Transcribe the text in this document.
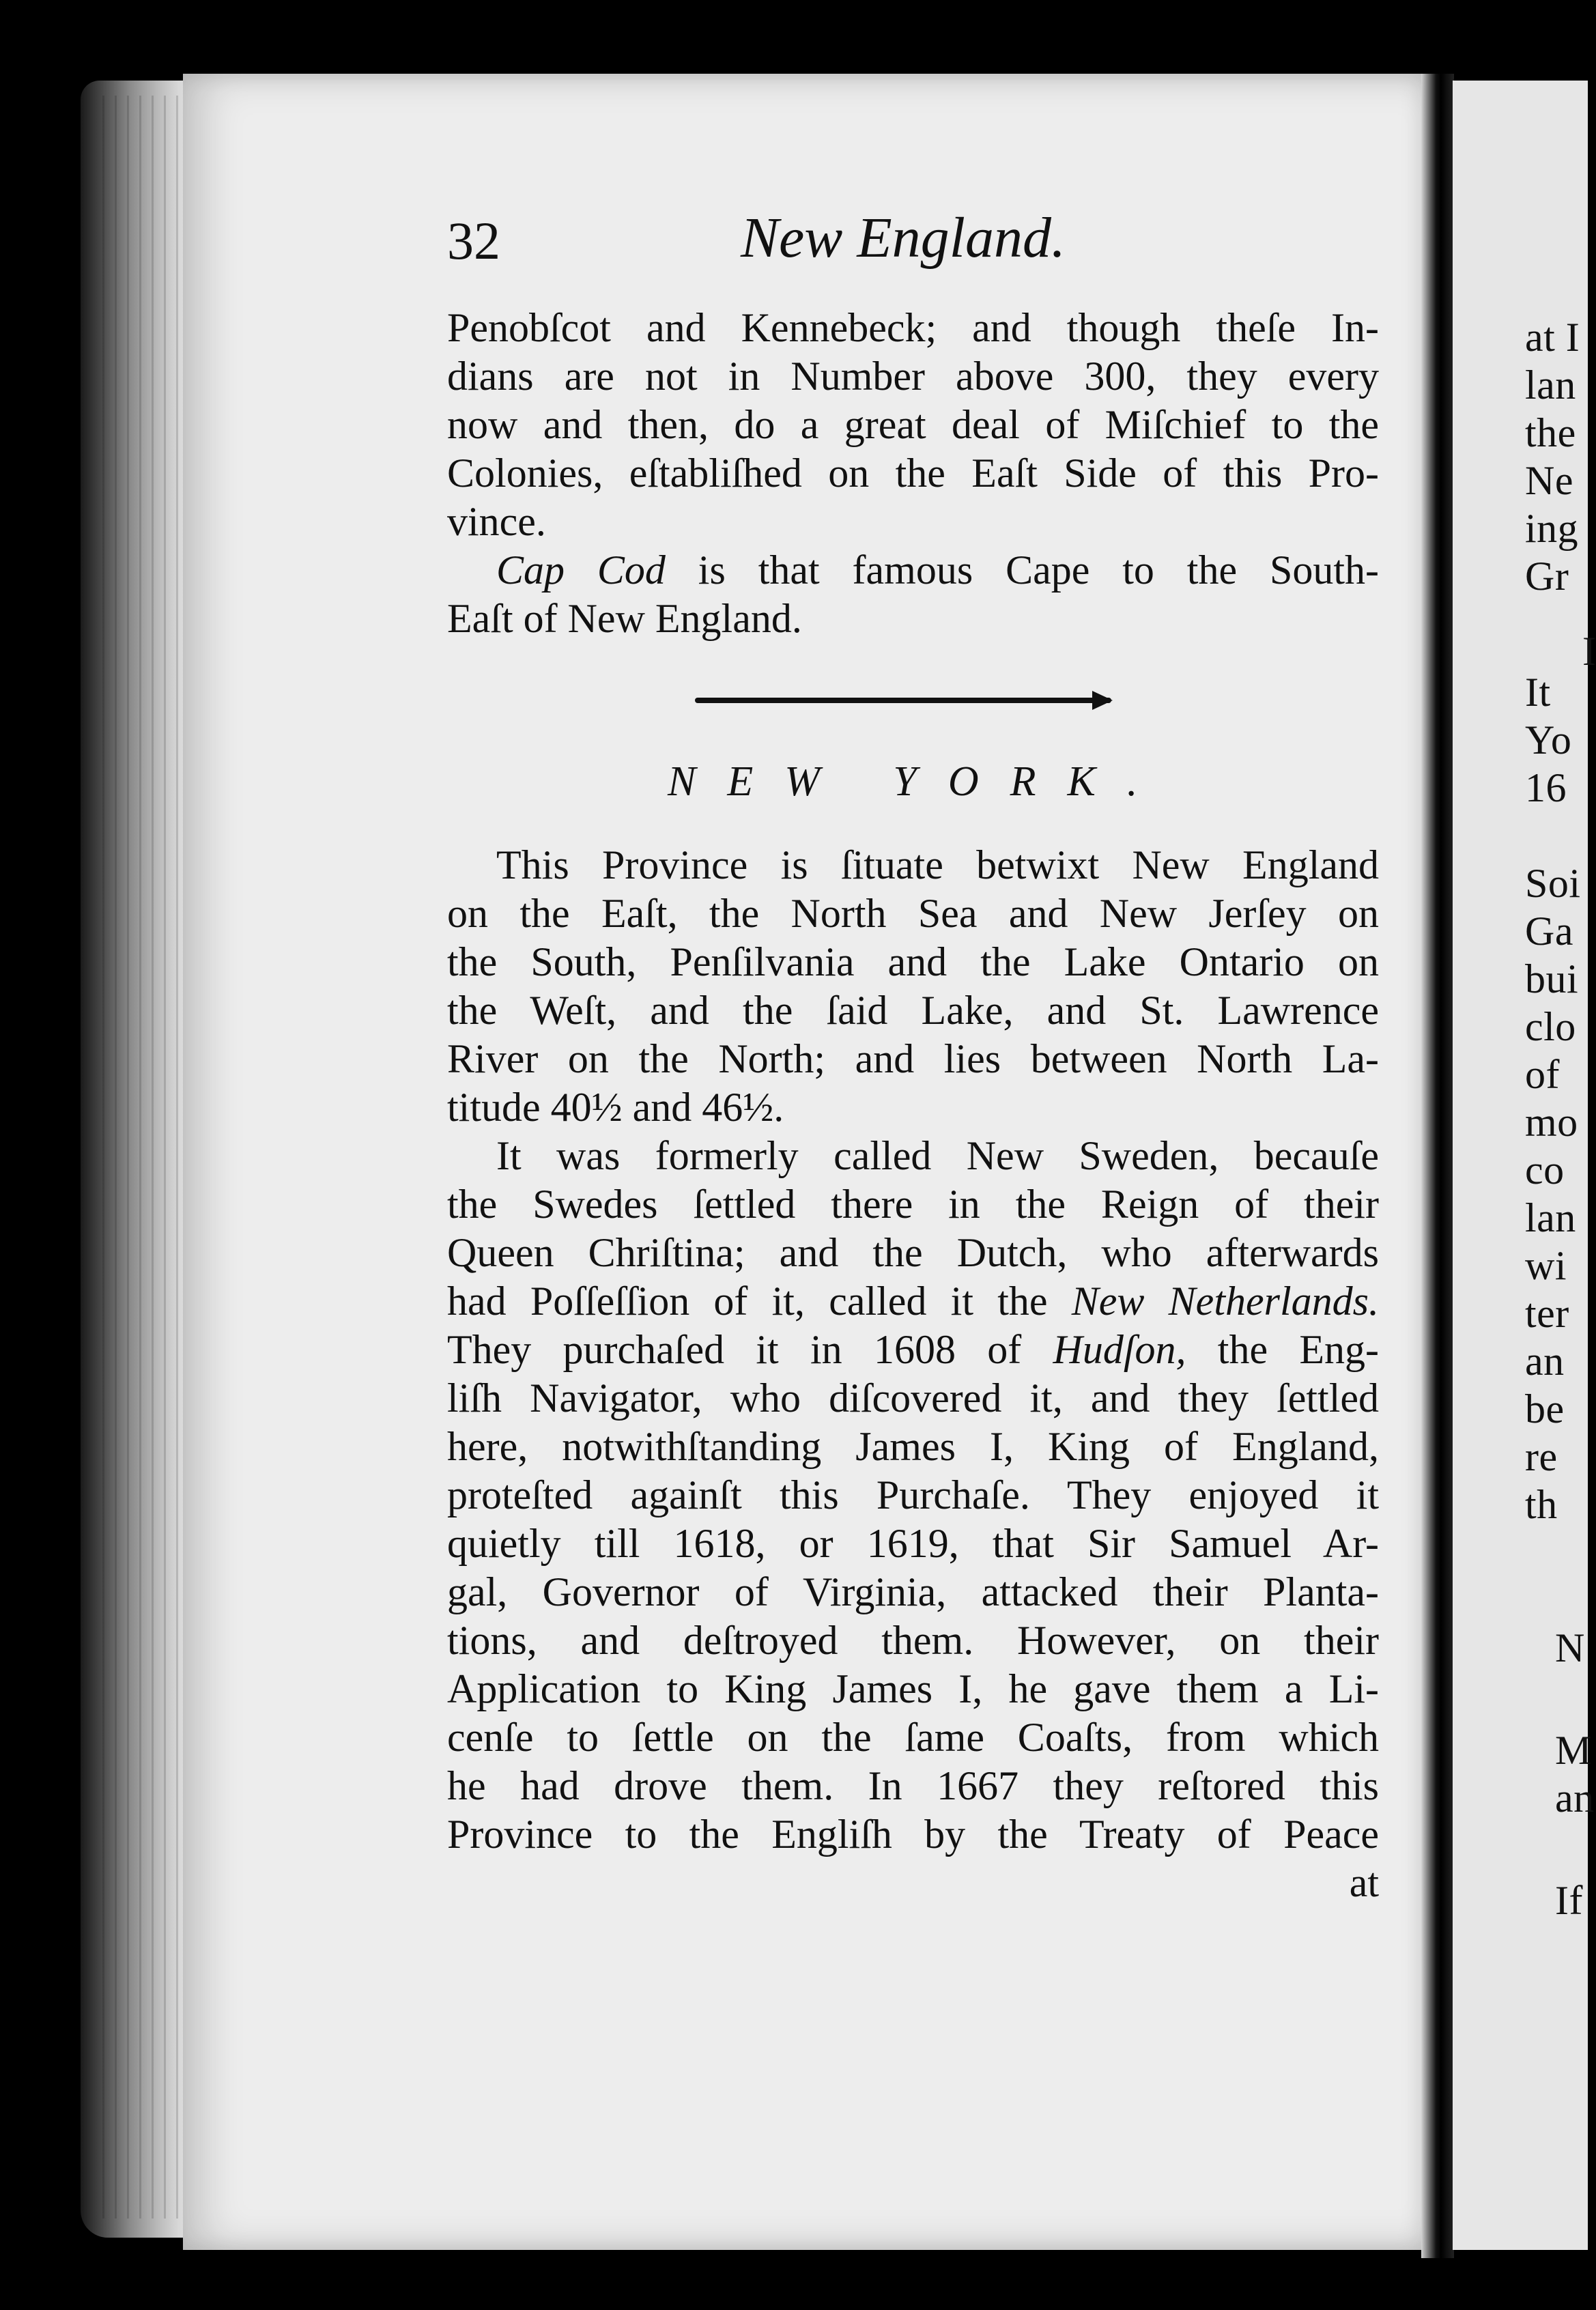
at I
lan
the
Ne
ing
Gr
I
It
Yo
16
Soi
Ga
bui
clo
of
mo
co
lan
wi
ter
an
be
re
th
N
M
an
If
32	New England.
Penobſcot and Kennebeck; and though theſe In-
dians are not in Number above 300, they every
now and then, do a great deal of Miſchief to the
Colonies, eſtabliſhed on the Eaſt Side of this Pro-
vince.
Cap Cod is that famous Cape to the South-
Eaſt of New England.
NEW YORK.
This Province is ſituate betwixt New England
on the Eaſt, the North Sea and New Jerſey on
the South, Penſilvania and the Lake Ontario on
the Weſt, and the ſaid Lake, and St. Lawrence
River on the North; and lies between North La-
titude 40½ and 46½.
It was formerly called New Sweden, becauſe
the Swedes ſettled there in the Reign of their
Queen Chriſtina; and the Dutch, who afterwards
had Poſſeſſion of it, called it the New Netherlands.
They purchaſed it in 1608 of Hudſon, the Eng-
liſh Navigator, who diſcovered it, and they ſettled
here, notwithſtanding James I, King of England,
proteſted againſt this Purchaſe. They enjoyed it
quietly till 1618, or 1619, that Sir Samuel Ar-
gal, Governor of Virginia, attacked their Planta-
tions, and deſtroyed them. However, on their
Application to King James I, he gave them a Li-
cenſe to ſettle on the ſame Coaſts, from which
he had drove them. In 1667 they reſtored this
Province to the Engliſh by the Treaty of Peace
at
